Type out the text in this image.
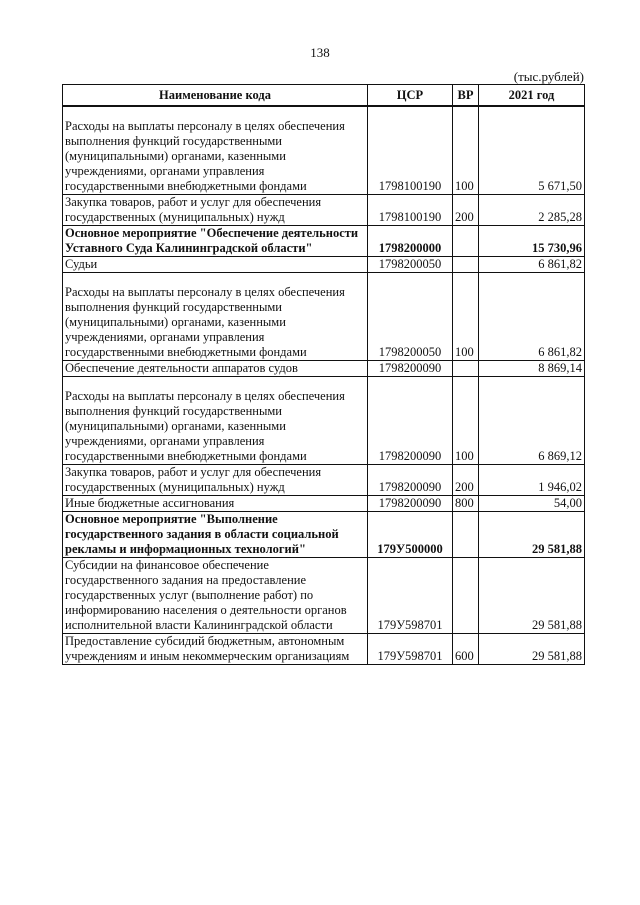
138
(тыс.рублей)
Наименование кода	ЦСР	ВР	2021 год
Расходы на выплаты персоналу в целях обеспечения выполнения функций государственными (муниципальными) органами, казенными учреждениями, органами управления государственными внебюджетными фондами	1798100190	100	5 671,50
Закупка товаров, работ и услуг для обеспечения государственных (муниципальных) нужд	1798100190	200	2 285,28
Основное мероприятие "Обеспечение деятельности Уставного Суда Калининградской области"	1798200000		15 730,96
Судьи	1798200050		6 861,82
Расходы на выплаты персоналу в целях обеспечения выполнения функций государственными (муниципальными) органами, казенными учреждениями, органами управления государственными внебюджетными фондами	1798200050	100	6 861,82
Обеспечение деятельности аппаратов судов	1798200090		8 869,14
Расходы на выплаты персоналу в целях обеспечения выполнения функций государственными (муниципальными) органами, казенными учреждениями, органами управления государственными внебюджетными фондами	1798200090	100	6 869,12
Закупка товаров, работ и услуг для обеспечения государственных (муниципальных) нужд	1798200090	200	1 946,02
Иные бюджетные ассигнования	1798200090	800	54,00
Основное мероприятие "Выполнение государственного задания в области социальной рекламы и информационных технологий"	179У500000		29 581,88
Субсидии на финансовое обеспечение государственного задания на предоставление государственных услуг (выполнение работ) по информированию населения о деятельности органов исполнительной власти Калининградской области	179У598701		29 581,88
Предоставление субсидий бюджетным, автономным учреждениям и иным некоммерческим организациям	179У598701	600	29 581,88
